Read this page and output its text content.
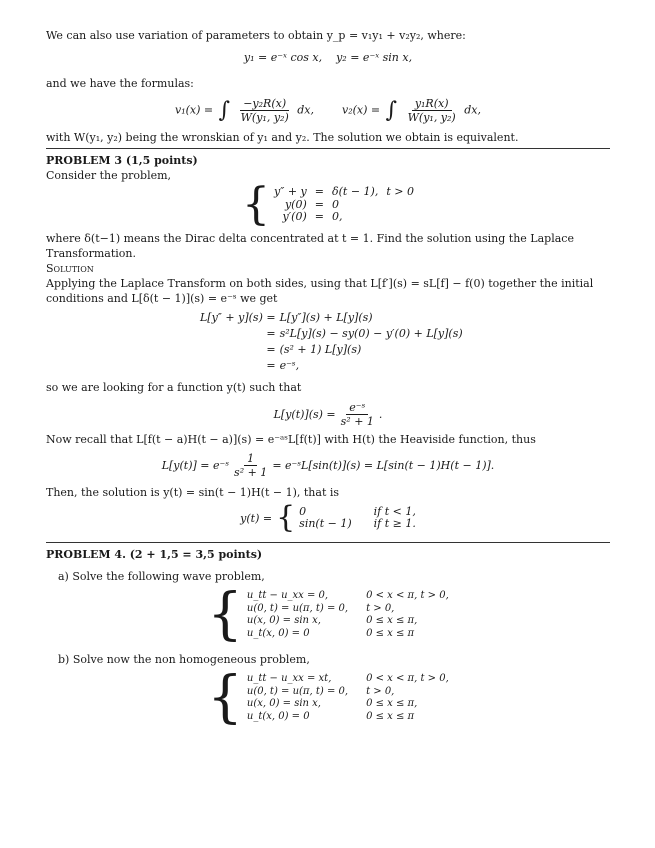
We can also use variation of parameters to obtain y_p = v₁y₁ + v₂y₂, where:

y₁ = e⁻ˣ cos x, y₂ = e⁻ˣ sin x,

and we have the formulas:

v₁(x) = ∫ $\frac{\text{−y₂R(x)}}{\text{W(y₁, y₂)}}$ dx,	v₂(x) = ∫ $\frac{\text{y₁R(x)}}{\text{W(y₁, y₂)}}$ dx,

with W(y₁, y₂) being the wronskian of y₁ and y₂. The solution we obtain is equivalent.

PROBLEM 3 (1,5 points)

Consider the problem,

{ y″ + y = δ(t − 1), t > 0
y(0) = 0
y′(0) = 0,

where δ(t−1) means the Dirac delta concentrated at t = 1. Find the solution using the Laplace Transformation.

Solution

Applying the Laplace Transform on both sides, using that L[f′](s) = sL[f] − f(0) together the initial conditions and L[δ(t − 1)](s) = e⁻ˢ we get

L[y″ + y](s) = L[y″](s) + L[y](s)
= s²L[y](s) − sy(0) − y′(0) + L[y](s)
= (s² + 1) L[y](s)
= e⁻ˢ,

so we are looking for a function y(t) such that

$L[y(t)](s) = \frac{\text{e⁻ˢ}}{\text{s² + 1}}$ .

Now recall that L[f(t − a)H(t − a)](s) = e⁻ᵃˢL[f(t)] with H(t) the Heaviside function, thus

L[y(t)] = e⁻ˢ $\frac{1}{\text{s² + 1}}$ = e⁻ˢL[sin(t)](s) = L[sin(t − 1)H(t − 1)].

Then, the solution is y(t) = sin(t − 1)H(t − 1), that is

y(t) = { 0	if t < 1,
sin(t − 1) if t ≥ 1.

PROBLEM 4. (2 + 1,5 = 3,5 points)

a) Solve the following wave problem,

{ u_tt − u_xx = 0,	0 < x < π, t > 0,
u(0, t) = u(π, t) = 0, t > 0,
u(x, 0) = sin x,	0 ≤ x ≤ π,
u_t(x, 0) = 0	0 ≤ x ≤ π

b) Solve now the non homogeneous problem,

{ u_tt − u_xx = xt,	0 < x < π, t > 0,
u(0, t) = u(π, t) = 0, t > 0,
u(x, 0) = sin x,	0 ≤ x ≤ π,
u_t(x, 0) = 0	0 ≤ x ≤ π
